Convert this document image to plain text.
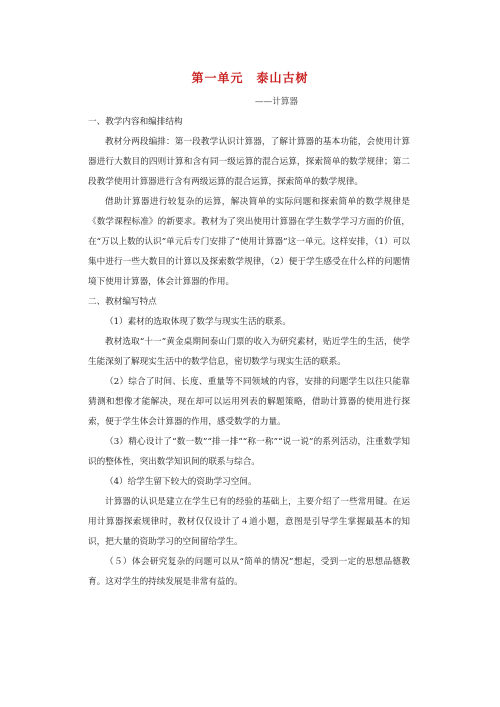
第一单元　泰山古树
——计算器

一、教学内容和编排结构

教材分两段编排：第一段教学认识计算器，了解计算器的基本功能，会使用计算器进行大数目的四则计算和含有同一级运算的混合运算，探索简单的数学规律；第二段教学使用计算器进行含有两级运算的混合运算，探索简单的数学规律。

借助计算器进行较复杂的运算，解决简单的实际问题和探索简单的数学规律是《数学课程标准》的新要求。教材为了突出使用计算器在学生数学学习方面的价值，在“万以上数的认识”单元后专门安排了“使用计算器”这一单元。这样安排，（1）可以集中进行一些大数目的计算以及探索数学规律，（2）便于学生感受在什么样的问题情境下使用计算器，体会计算器的作用。

二、教材编写特点

（1）素材的选取体现了数学与现实生活的联系。

教材选取“十一”黄金桌期间泰山门票的收入为研究素材，贴近学生的生活，使学生能深刻了解现实生活中的数学信息，密切数学与现实生活的联系。

（2）综合了时间、长度、重量等不同领域的内容，安排的问题学生以往只能靠猜测和想像才能解决，现在却可以运用列表的解题策略，借助计算器的使用进行探索，便于学生体会计算器的作用，感受数学的力量。

（3）精心设计了“数一数”“排一排”“称一称”“说一说”的系列活动，注重数学知识的整体性，突出数学知识间的联系与综合。

（4）给学生留下较大的资助学习空间。

计算器的认识是建立在学生已有的经验的基础上，主要介绍了一些常用键。在运用计算器探索规律时，教材仅仅设计了４道小题，意图是引导学生掌握最基本的知识，把大量的资助学习的空间留给学生。

（５）体会研究复杂的问题可以从“简单的情况”想起，受到一定的思想品德教育。这对学生的持续发展是非常有益的。
